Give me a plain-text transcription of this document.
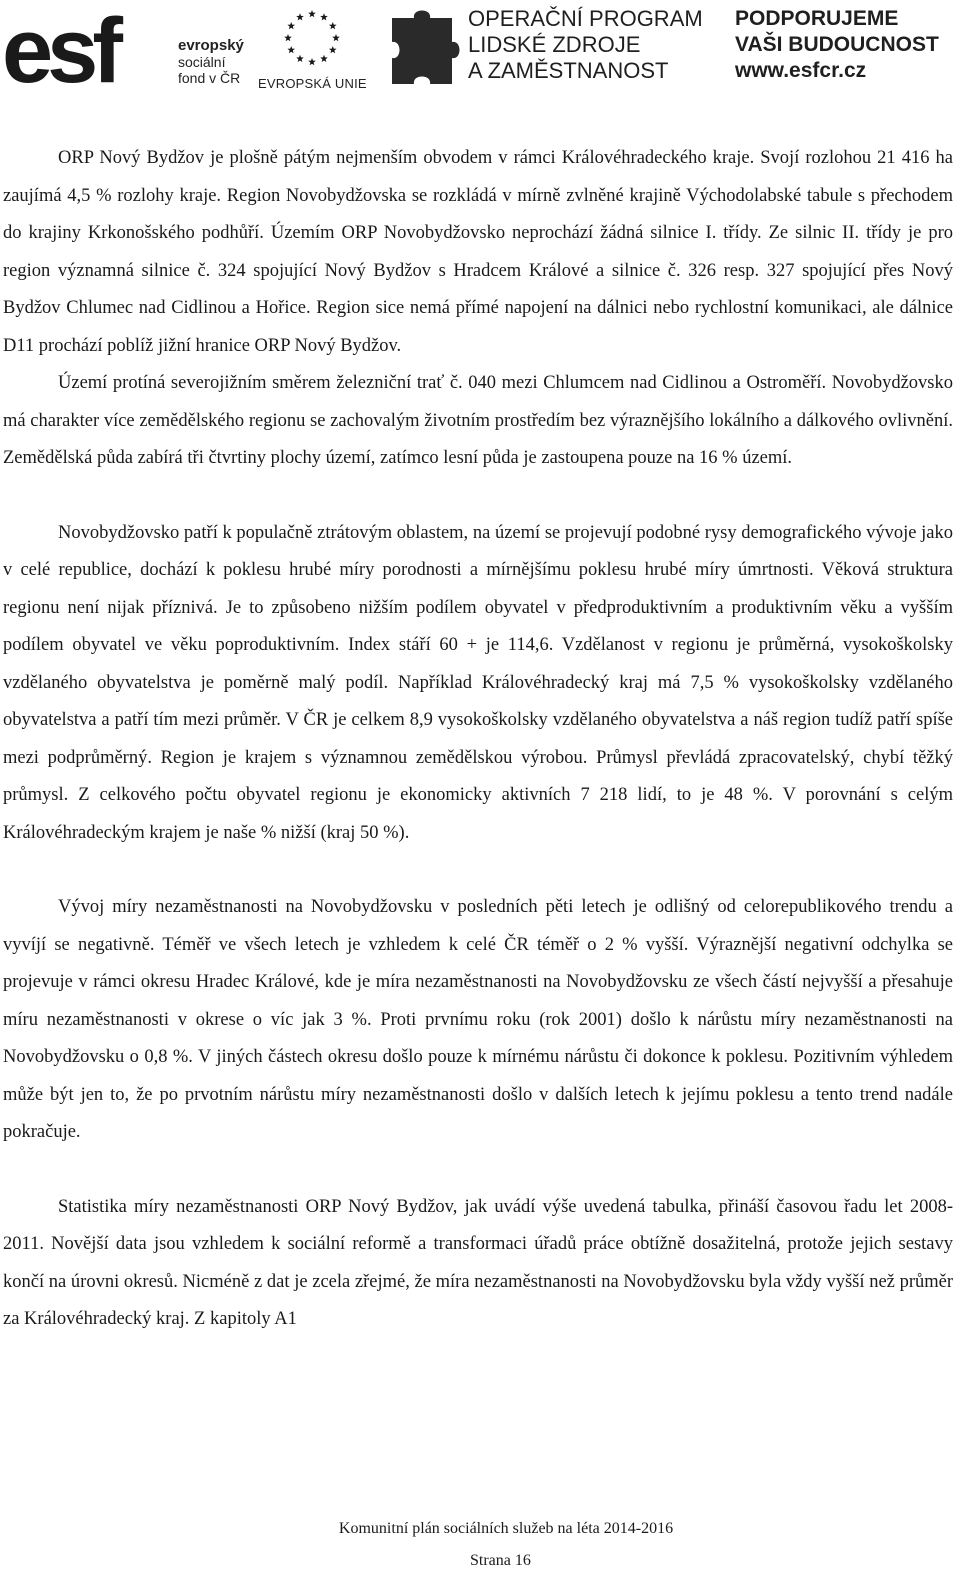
esf	evropský
sociální
fond v ČR EVROPSKÁ UNIE
OPERAČNÍ PROGRAM
LIDSKÉ ZDROJE
A ZAMĚSTNANOST
PODPORUJEME
VAŠI BUDOUCNOST
www.esfcr.cz

ORP Nový Bydžov je plošně pátým nejmenším obvodem v rámci Královéhradeckého kraje. Svojí rozlohou 21 416 ha zaujímá 4,5 % rozlohy kraje. Region Novobydžovska se rozkládá v mírně zvlněné krajině Východolabské tabule s přechodem do krajiny Krkonošského podhůří. Územím ORP Novobydžovsko neprochází žádná silnice I. třídy. Ze silnic II. třídy je pro region významná silnice č. 324 spojující Nový Bydžov s Hradcem Králové a silnice č. 326 resp. 327 spojující přes Nový Bydžov Chlumec nad Cidlinou a Hořice. Region sice nemá přímé napojení na dálnici nebo rychlostní komunikaci, ale dálnice D11 prochází poblíž jižní hranice ORP Nový Bydžov.

Území protíná severojižním směrem železniční trať č. 040 mezi Chlumcem nad Cidlinou a Ostroměří. Novobydžovsko má charakter více zemědělského regionu se zachovalým životním prostředím bez výraznějšího lokálního a dálkového ovlivnění. Zemědělská půda zabírá tři čtvrtiny plochy území, zatímco lesní půda je zastoupena pouze na 16 % území.

Novobydžovsko patří k populačně ztrátovým oblastem, na území se projevují podobné rysy demografického vývoje jako v celé republice, dochází k poklesu hrubé míry porodnosti a mírnějšímu poklesu hrubé míry úmrtnosti. Věková struktura regionu není nijak příznivá. Je to způsobeno nižším podílem obyvatel v předproduktivním a produktivním věku a vyšším podílem obyvatel ve věku poproduktivním. Index stáří 60 + je 114,6. Vzdělanost v regionu je průměrná, vysokoškolsky vzdělaného obyvatelstva je poměrně malý podíl. Například Královéhradecký kraj má 7,5 % vysokoškolsky vzdělaného obyvatelstva a patří tím mezi průměr. V ČR je celkem 8,9 vysokoškolsky vzdělaného obyvatelstva a náš region tudíž patří spíše mezi podprůměrný. Region je krajem s významnou zemědělskou výrobou. Průmysl převládá zpracovatelský, chybí těžký průmysl. Z celkového počtu obyvatel regionu je ekonomicky aktivních 7 218 lidí, to je 48 %. V porovnání s celým Královéhradeckým krajem je naše % nižší (kraj 50 %).

Vývoj míry nezaměstnanosti na Novobydžovsku v posledních pěti letech je odlišný od celorepublikového trendu a vyvíjí se negativně. Téměř ve všech letech je vzhledem k celé ČR téměř o 2 % vyšší. Výraznější negativní odchylka se projevuje v rámci okresu Hradec Králové, kde je míra nezaměstnanosti na Novobydžovsku ze všech částí nejvyšší a přesahuje míru nezaměstnanosti v okrese o víc jak 3 %. Proti prvnímu roku (rok 2001) došlo k nárůstu míry nezaměstnanosti na Novobydžovsku o 0,8 %. V jiných částech okresu došlo pouze k mírnému nárůstu či dokonce k poklesu. Pozitivním výhledem může být jen to, že po prvotním nárůstu míry nezaměstnanosti došlo v dalších letech k jejímu poklesu a tento trend nadále pokračuje.

Statistika míry nezaměstnanosti ORP Nový Bydžov, jak uvádí výše uvedená tabulka, přináší časovou řadu let 2008-2011. Novější data jsou vzhledem k sociální reformě a transformaci úřadů práce obtížně dosažitelná, protože jejich sestavy končí na úrovni okresů. Nicméně z dat je zcela zřejmé, že míra nezaměstnanosti na Novobydžovsku byla vždy vyšší než průměr za Královéhradecký kraj. Z kapitoly A1

Komunitní plán sociálních služeb na léta 2014-2016
Strana 16
